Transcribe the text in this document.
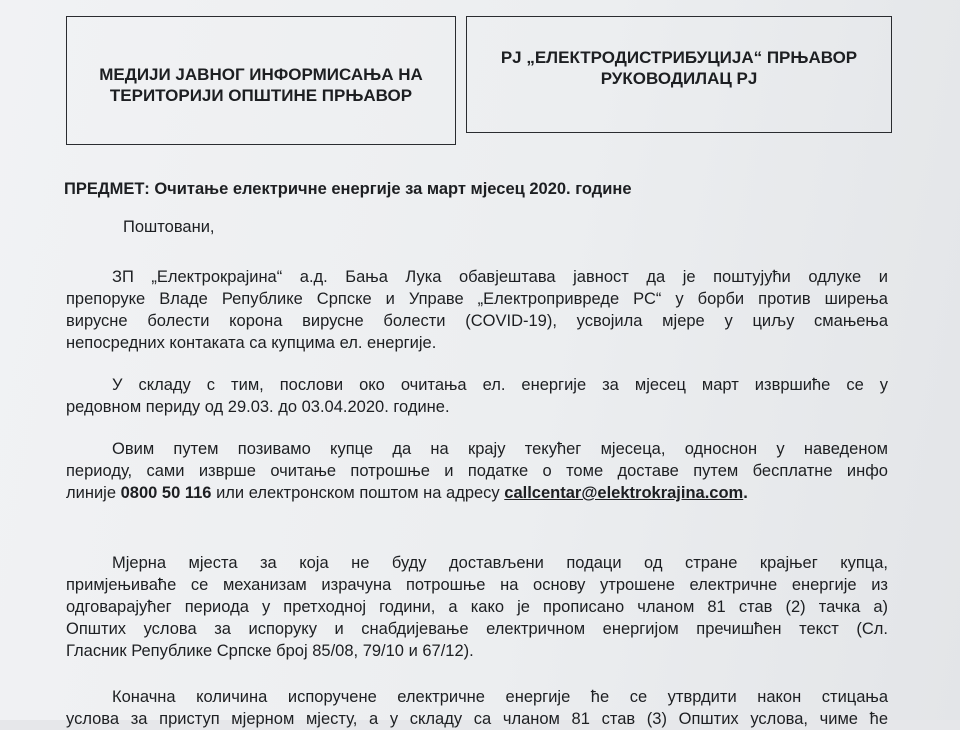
МЕДИЈИ ЈАВНОГ ИНФОРМИСАЊА НА
ТЕРИТОРИЈИ ОПШТИНЕ ПРЊАВОР
РЈ „ЕЛЕКТРОДИСТРИБУЦИЈА“ ПРЊАВОР
РУКОВОДИЛАЦ РЈ
ПРЕДМЕТ: Очитање електричне енергије за март мјесец 2020. године
Поштовани,
ЗП „Електрокрајина“ а.д. Бања Лука обавјештава јавност да је поштујући одлуке и
препоруке Владе Републике Српске и Управе „Електропривреде РС“ у борби против ширења
вирусне болести корона вирусне болести (COVID-19), усвојила мјере у циљу смањења
непосредних контаката са купцима ел. енергије.
У складу с тим, послови око очитања ел. енергије за мјесец март извршиће се у
редовном периду од 29.03. до 03.04.2020. године.
Овим путем позивамо купце да на крају текућег мјесеца, односнон у наведеном
периоду, сами изврше очитање потрошње и податке о томе доставе путем бесплатне инфо
линије 0800 50 116 или електронском поштом на адресу callcentar@elektrokrajina.com.
Мјерна мјеста за која не буду достављени подаци од стране крајњег купца,
примјењиваће се механизам израчуна потрошње на основу утрошене електричне енергије из
одговарајућег периода у претходној години, а како је прописано чланом 81 став (2) тачка а)
Општих услова за испоруку и снабдијевање електричном енергијом пречишћен текст (Сл.
Гласник Републике Српске број 85/08, 79/10 и 67/12).
Коначна количина испоручене електричне енергије ће се утврдити након стицања
услова за приступ мјерном мјесту, а у складу са чланом 81 став (3) Општих услова, чиме ће
